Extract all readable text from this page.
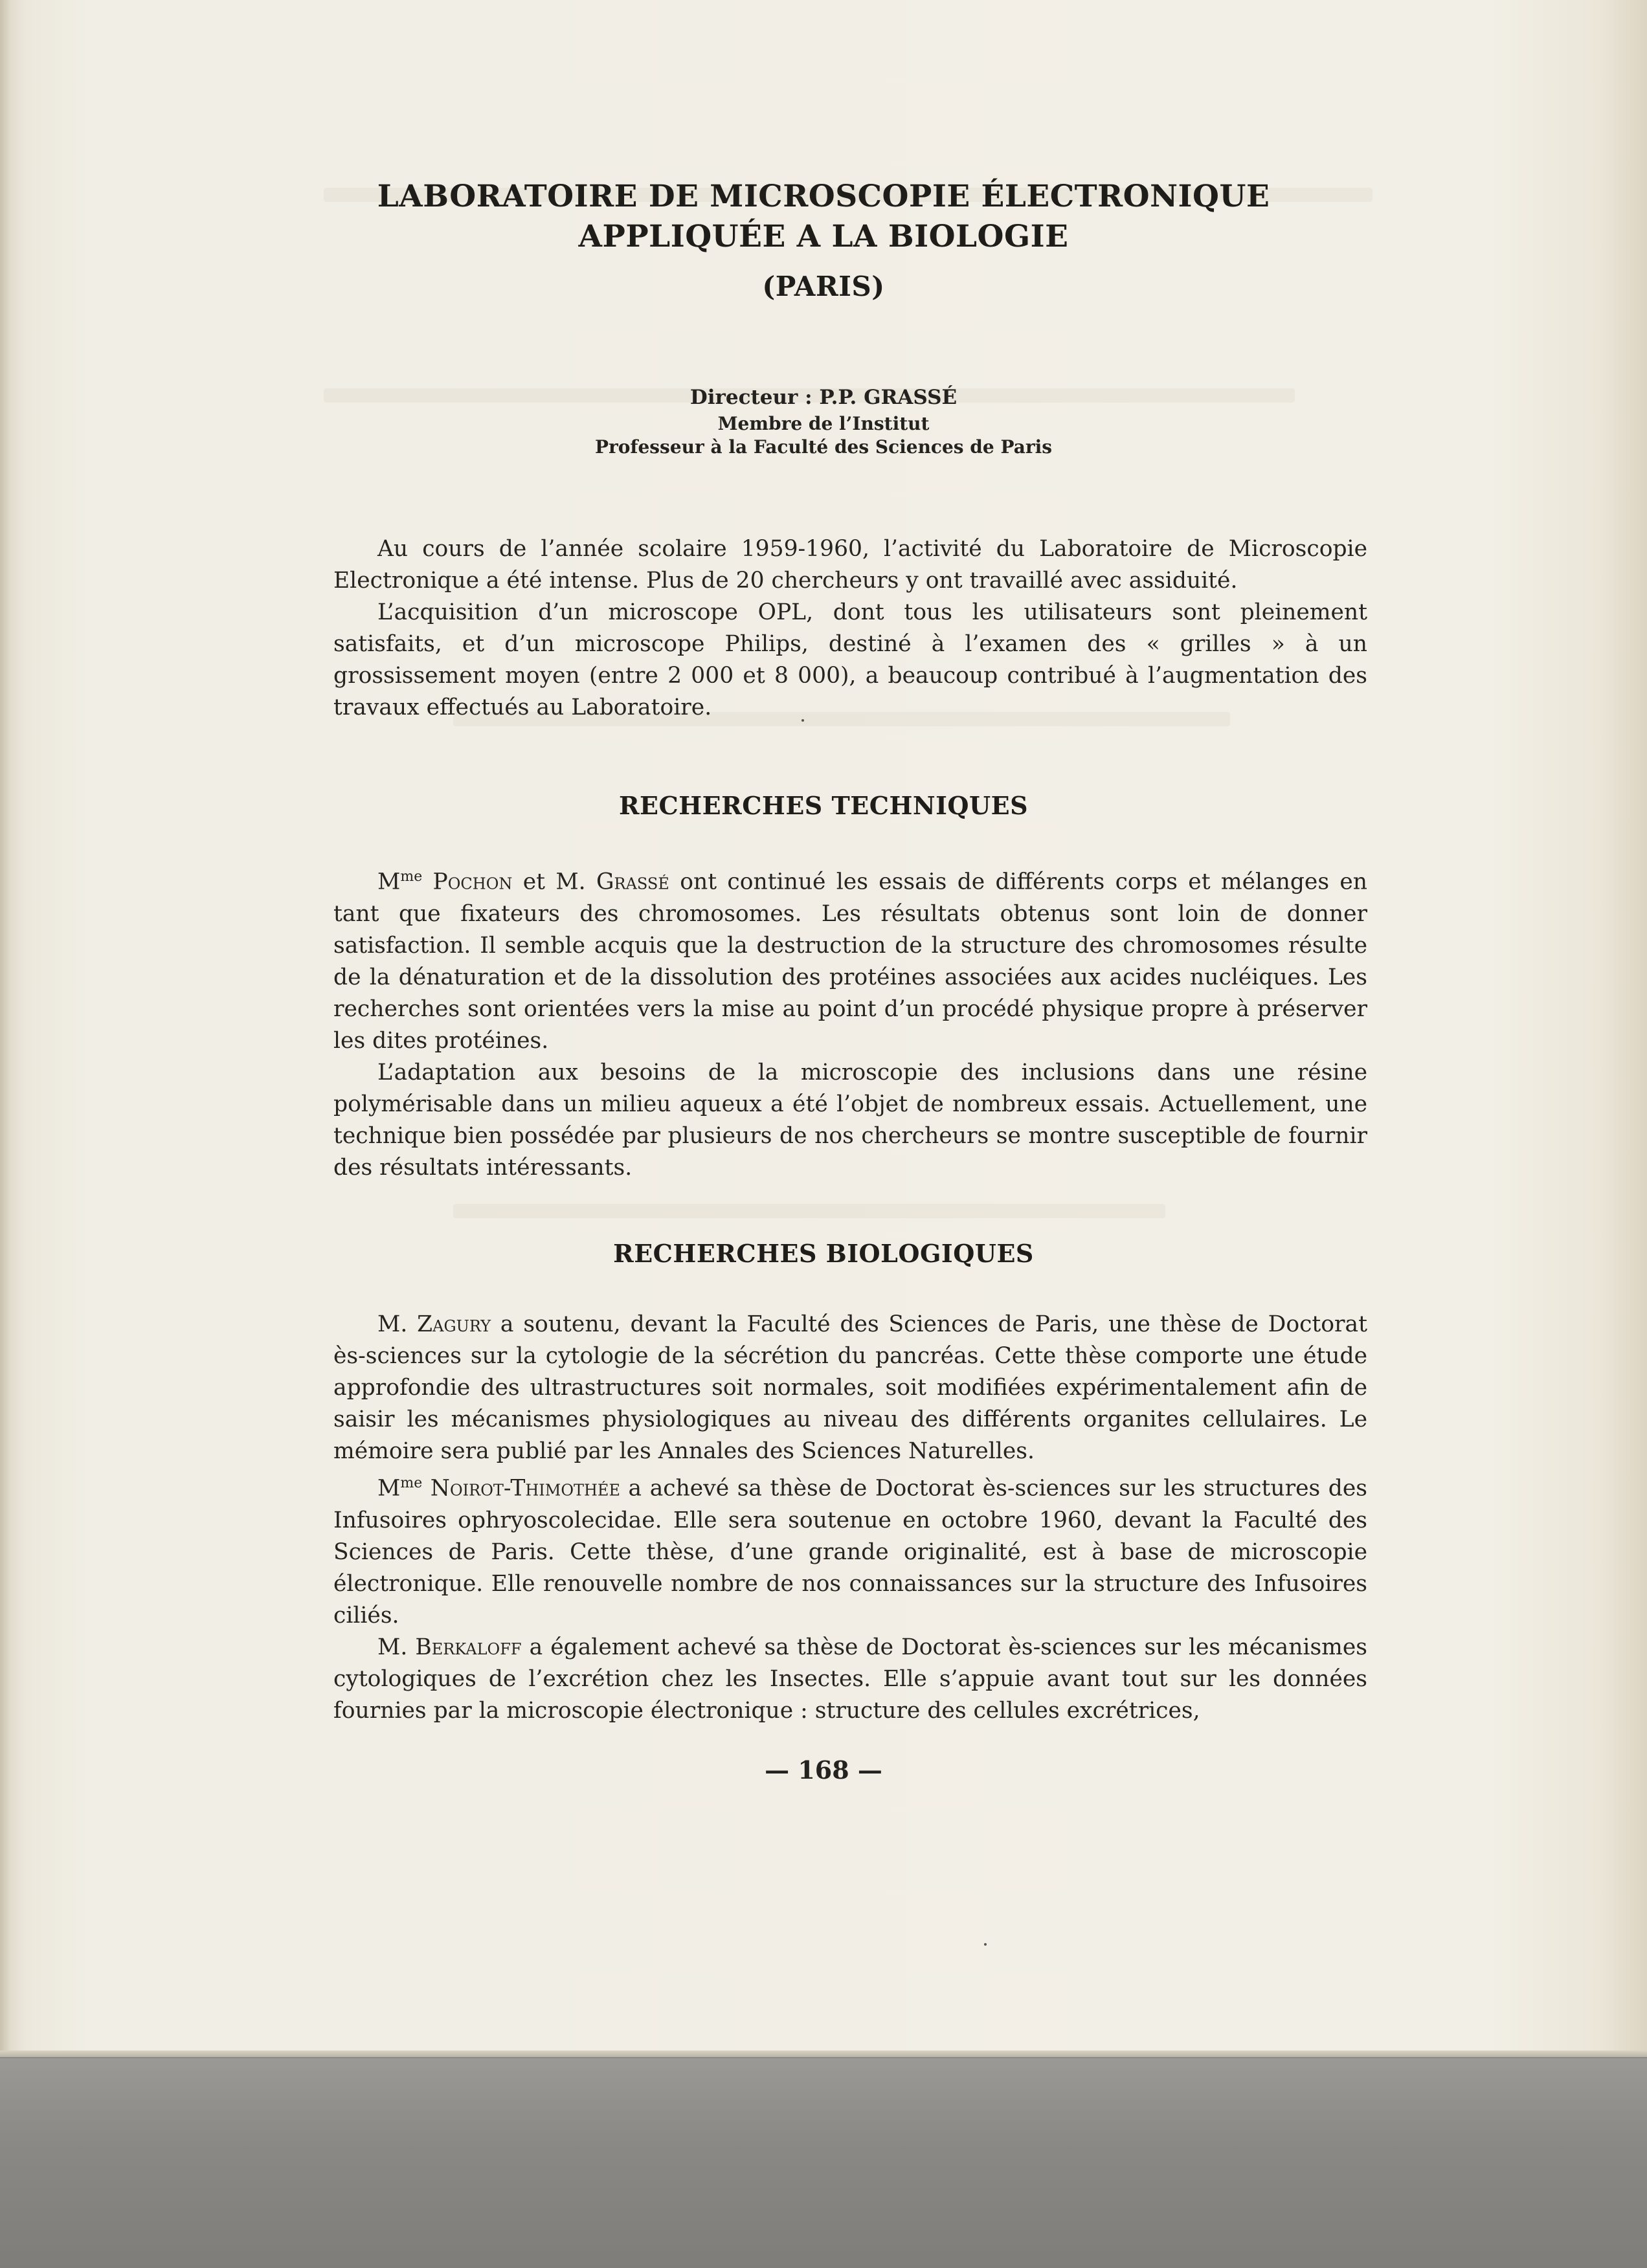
LABORATOIRE DE MICROSCOPIE ÉLECTRONIQUE
APPLIQUÉE A LA BIOLOGIE
(PARIS)
Directeur : P.P. GRASSÉ
Membre de l’Institut
Professeur à la Faculté des Sciences de Paris

Au cours de l’année scolaire 1959-1960, l’activité du Laboratoire de Microscopie Electronique a été intense. Plus de 20 chercheurs y ont travaillé avec assiduité.

L’acquisition d’un microscope OPL, dont tous les utilisateurs sont pleinement satisfaits, et d’un microscope Philips, destiné à l’examen des « grilles » à un grossissement moyen (entre 2 000 et 8 000), a beaucoup contribué à l’augmentation des travaux effectués au Laboratoire.

RECHERCHES TECHNIQUES

$M^{me}$ Pochon et M. Grassé ont continué les essais de différents corps et mélanges en tant que fixateurs des chromosomes. Les résultats obtenus sont loin de donner satisfaction. Il semble acquis que la destruction de la structure des chromosomes résulte de la dénaturation et de la dissolution des protéines associées aux acides nucléiques. Les recherches sont orientées vers la mise au point d’un procédé physique propre à préserver les dites protéines.

L’adaptation aux besoins de la microscopie des inclusions dans une résine polymérisable dans un milieu aqueux a été l’objet de nombreux essais. Actuellement, une technique bien possédée par plusieurs de nos chercheurs se montre susceptible de fournir des résultats intéressants.

RECHERCHES BIOLOGIQUES

M. Zagury a soutenu, devant la Faculté des Sciences de Paris, une thèse de Doctorat ès-sciences sur la cytologie de la sécrétion du pancréas. Cette thèse comporte une étude approfondie des ultrastructures soit normales, soit modifiées expérimentalement afin de saisir les mécanismes physiologiques au niveau des différents organites cellulaires. Le mémoire sera publié par les Annales des Sciences Naturelles.

$M^{me}$ Noirot-Thimothée a achevé sa thèse de Doctorat ès-sciences sur les structures des Infusoires ophryoscolecidae. Elle sera soutenue en octobre 1960, devant la Faculté des Sciences de Paris. Cette thèse, d’une grande originalité, est à base de microscopie électronique. Elle renouvelle nombre de nos connaissances sur la structure des Infusoires ciliés.

M. Berkaloff a également achevé sa thèse de Doctorat ès-sciences sur les mécanismes cytologiques de l’excrétion chez les Insectes. Elle s’appuie avant tout sur les données fournies par la microscopie électronique : structure des cellules excrétrices,

— 168 —
